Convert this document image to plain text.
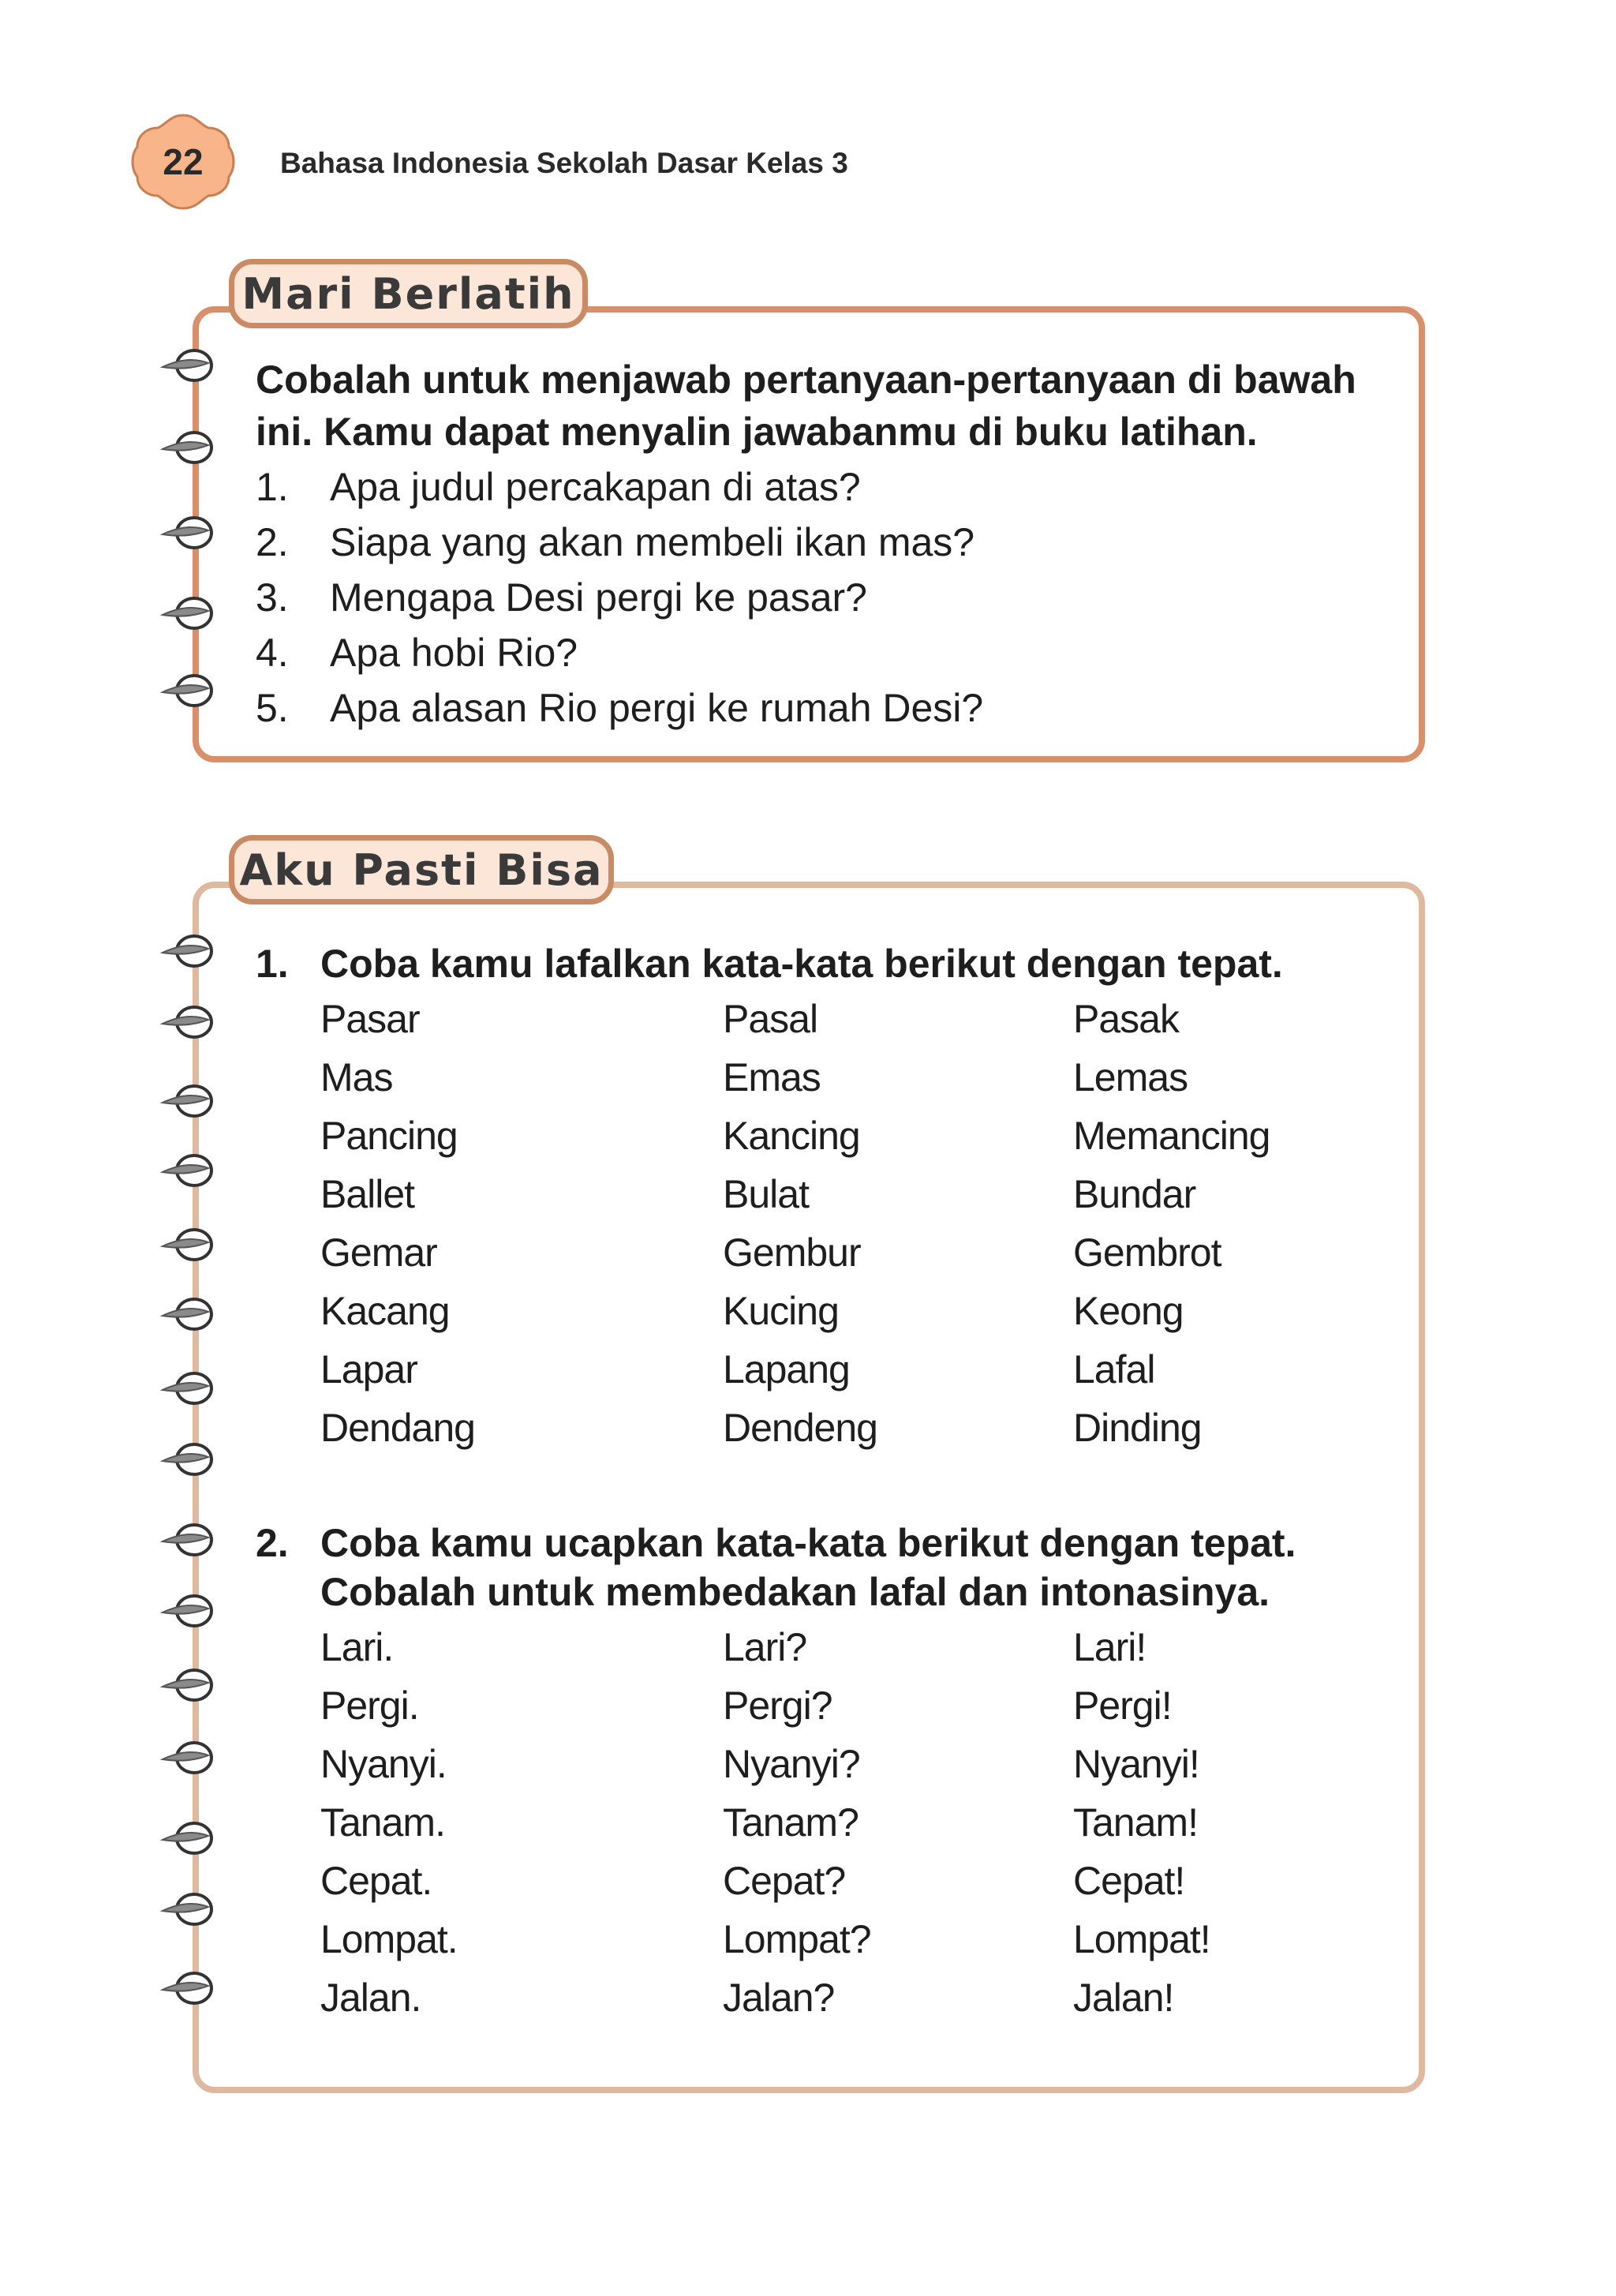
22	Bahasa Indonesia Sekolah Dasar Kelas 3
Mari Berlatih
Cobalah untuk menjawab pertanyaan-pertanyaan di bawah
ini. Kamu dapat menyalin jawabanmu di buku latihan.
1. Apa judul percakapan di atas?
2. Siapa yang akan membeli ikan mas?
3. Mengapa Desi pergi ke pasar?
4. Apa hobi Rio?
5. Apa alasan Rio pergi ke rumah Desi?
Aku Pasti Bisa
1. Coba kamu lafalkan kata-kata berikut dengan tepat.
Pasar	Pasal	Pasak
Mas	Emas	Lemas
Pancing	Kancing	Memancing
Ballet	Bulat	Bundar
Gemar	Gembur	Gembrot
Kacang	Kucing	Keong
Lapar	Lapang	Lafal
Dendang	Dendeng	Dinding
2. Coba kamu ucapkan kata-kata berikut dengan tepat.
Cobalah untuk membedakan lafal dan intonasinya.
Lari.	Lari?	Lari!
Pergi.	Pergi?	Pergi!
Nyanyi.	Nyanyi?	Nyanyi!
Tanam.	Tanam?	Tanam!
Cepat.	Cepat?	Cepat!
Lompat.	Lompat?	Lompat!
Jalan.	Jalan?	Jalan!
